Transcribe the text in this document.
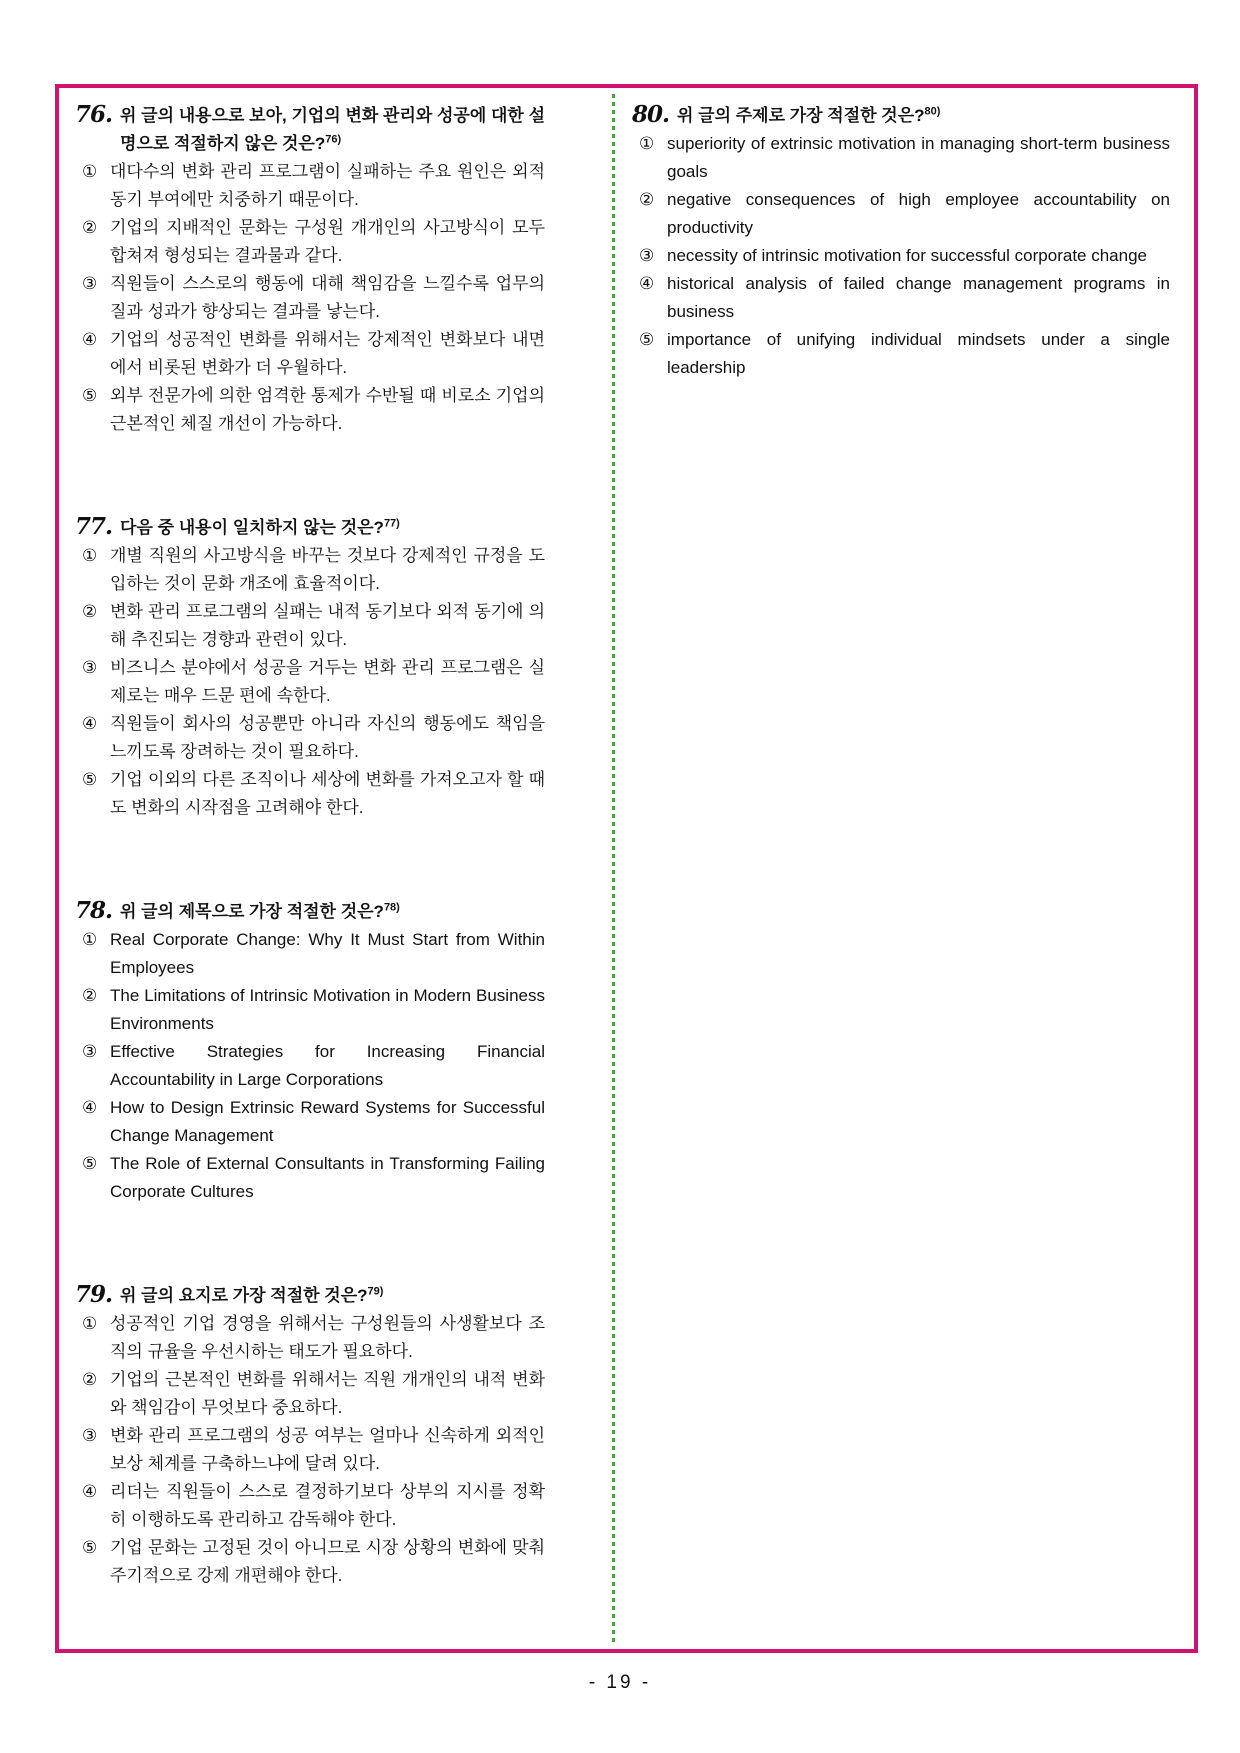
76. 위 글의 내용으로 보아, 기업의 변화 관리와 성공에 대한 설명으로 적절하지 않은 것은?$^{76)}$
① 대다수의 변화 관리 프로그램이 실패하는 주요 원인은 외적 동기 부여에만 치중하기 때문이다.
② 기업의 지배적인 문화는 구성원 개개인의 사고방식이 모두 합쳐져 형성되는 결과물과 같다.
③ 직원들이 스스로의 행동에 대해 책임감을 느낄수록 업무의 질과 성과가 향상되는 결과를 낳는다.
④ 기업의 성공적인 변화를 위해서는 강제적인 변화보다 내면에서 비롯된 변화가 더 우월하다.
⑤ 외부 전문가에 의한 엄격한 통제가 수반될 때 비로소 기업의 근본적인 체질 개선이 가능하다.
77. 다음 중 내용이 일치하지 않는 것은?$^{77)}$
① 개별 직원의 사고방식을 바꾸는 것보다 강제적인 규정을 도입하는 것이 문화 개조에 효율적이다.
② 변화 관리 프로그램의 실패는 내적 동기보다 외적 동기에 의해 추진되는 경향과 관련이 있다.
③ 비즈니스 분야에서 성공을 거두는 변화 관리 프로그램은 실제로는 매우 드문 편에 속한다.
④ 직원들이 회사의 성공뿐만 아니라 자신의 행동에도 책임을 느끼도록 장려하는 것이 필요하다.
⑤ 기업 이외의 다른 조직이나 세상에 변화를 가져오고자 할 때도 변화의 시작점을 고려해야 한다.
78. 위 글의 제목으로 가장 적절한 것은?$^{78)}$
① Real Corporate Change: Why It Must Start from Within Employees
② The Limitations of Intrinsic Motivation in Modern Business Environments
③ Effective Strategies for Increasing Financial Accountability in Large Corporations
④ How to Design Extrinsic Reward Systems for Successful Change Management
⑤ The Role of External Consultants in Transforming Failing Corporate Cultures
79. 위 글의 요지로 가장 적절한 것은?$^{79)}$
① 성공적인 기업 경영을 위해서는 구성원들의 사생활보다 조직의 규율을 우선시하는 태도가 필요하다.
② 기업의 근본적인 변화를 위해서는 직원 개개인의 내적 변화와 책임감이 무엇보다 중요하다.
③ 변화 관리 프로그램의 성공 여부는 얼마나 신속하게 외적인 보상 체계를 구축하느냐에 달려 있다.
④ 리더는 직원들이 스스로 결정하기보다 상부의 지시를 정확히 이행하도록 관리하고 감독해야 한다.
⑤ 기업 문화는 고정된 것이 아니므로 시장 상황의 변화에 맞춰 주기적으로 강제 개편해야 한다.
80. 위 글의 주제로 가장 적절한 것은?$^{80)}$
① superiority of extrinsic motivation in managing short-term business goals
② negative consequences of high employee accountability on productivity
③ necessity of intrinsic motivation for successful corporate change
④ historical analysis of failed change management programs in business
⑤ importance of unifying individual mindsets under a single leadership
- 19 -
